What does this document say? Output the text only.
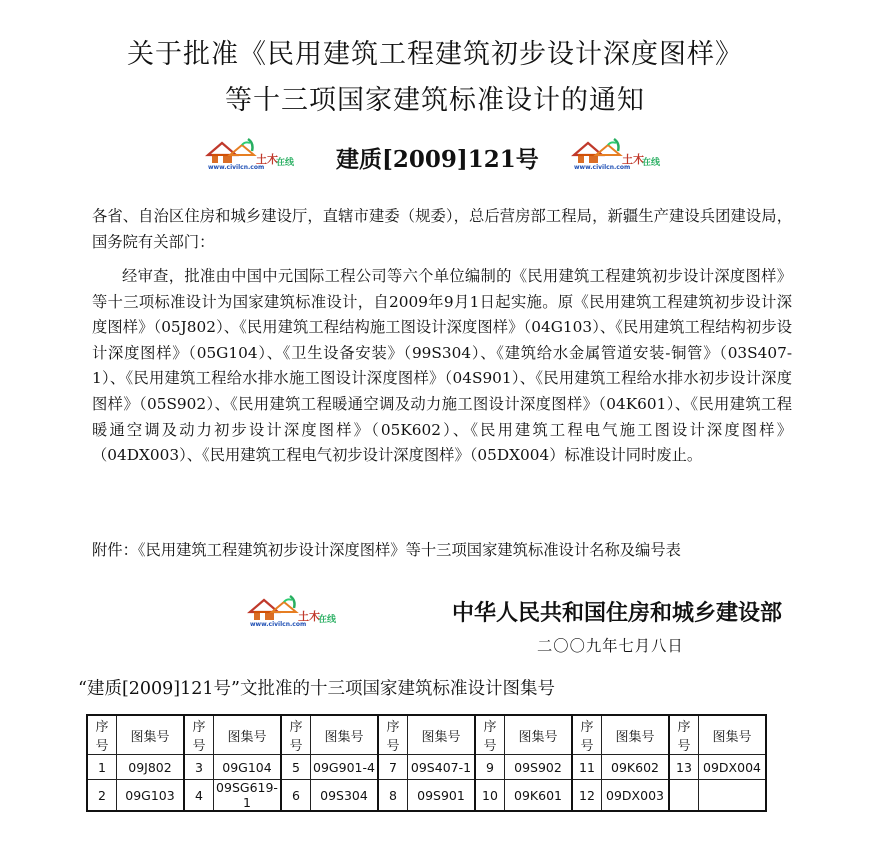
关于批准《民用建筑工程建筑初步设计深度图样》
等十三项国家建筑标准设计的通知
土木
在线
www.civilcn.com
土木
在线
www.civilcn.com
土木
在线
www.civilcn.com
建质[2009]121号
各省、自治区住房和城乡建设厅，直辖市建委（规委），总后营房部工程局，新疆生产建设兵团建设局，国务院有关部门：
经审查，批准由中国中元国际工程公司等六个单位编制的《民用建筑工程建筑初步设计深度图样》等十三项标准设计为国家建筑标准设计，自2009年9月1日起实施。原《民用建筑工程建筑初步设计深度图样》（05J802）、《民用建筑工程结构施工图设计深度图样》（04G103）、《民用建筑工程结构初步设计深度图样》（05G104）、《卫生设备安装》（99S304）、《建筑给水金属管道安装-铜管》（03S407-1）、《民用建筑工程给水排水施工图设计深度图样》（04S901）、《民用建筑工程给水排水初步设计深度图样》（05S902）、《民用建筑工程暖通空调及动力施工图设计深度图样》（04K601）、《民用建筑工程暖通空调及动力初步设计深度图样》（05K602）、《民用建筑工程电气施工图设计深度图样》（04DX003）、《民用建筑工程电气初步设计深度图样》（05DX004）标准设计同时废止。
附件：《民用建筑工程建筑初步设计深度图样》等十三项国家建筑标准设计名称及编号表
中华人民共和国住房和城乡建设部
二〇〇九年七月八日
“建质[2009]121号”文批准的十三项国家建筑标准设计图集号
序号	图集号	序号	图集号	序号	图集号	序号	图集号	序号	图集号	序号	图集号	序号	图集号
1	09J802	3	09G104	5	09G901-4	7	09S407-1	9	09S902	11	09K602	13	09DX004
2	09G103	4	09SG619-1	6	09S304	8	09S901	10	09K601	12	09DX003		
